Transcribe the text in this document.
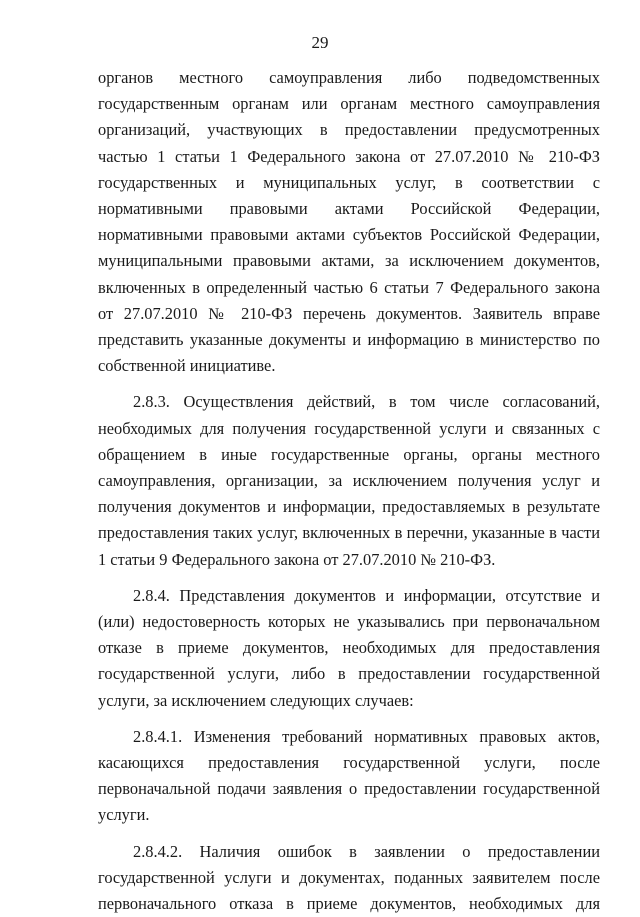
29

органов местного самоуправления либо подведомственных государственным органам или органам местного самоуправления организаций, участвующих в предоставлении предусмотренных частью 1 статьи 1 Федерального закона от 27.07.2010 № 210-ФЗ государственных и муниципальных услуг, в соответствии с нормативными правовыми актами Российской Федерации, нормативными правовыми актами субъектов Российской Федерации, муниципальными правовыми актами, за исключением документов, включенных в определенный частью 6 статьи 7 Федерального закона от 27.07.2010 № 210-ФЗ перечень документов. Заявитель вправе представить указанные документы и информацию в министерство по собственной инициативе.

2.8.3. Осуществления действий, в том числе согласований, необходимых для получения государственной услуги и связанных с обращением в иные государственные органы, органы местного самоуправления, организации, за исключением получения услуг и получения документов и информации, предоставляемых в результате предоставления таких услуг, включенных в перечни, указанные в части 1 статьи 9 Федерального закона от 27.07.2010 № 210-ФЗ.

2.8.4. Представления документов и информации, отсутствие и (или) недостоверность которых не указывались при первоначальном отказе в приеме документов, необходимых для предоставления государственной услуги, либо в предоставлении государственной услуги, за исключением следующих случаев:

2.8.4.1. Изменения требований нормативных правовых актов, касающихся предоставления государственной услуги, после первоначальной подачи заявления о предоставлении государственной услуги.

2.8.4.2. Наличия ошибок в заявлении о предоставлении государственной услуги и документах, поданных заявителем после первоначального отказа в приеме документов, необходимых для
